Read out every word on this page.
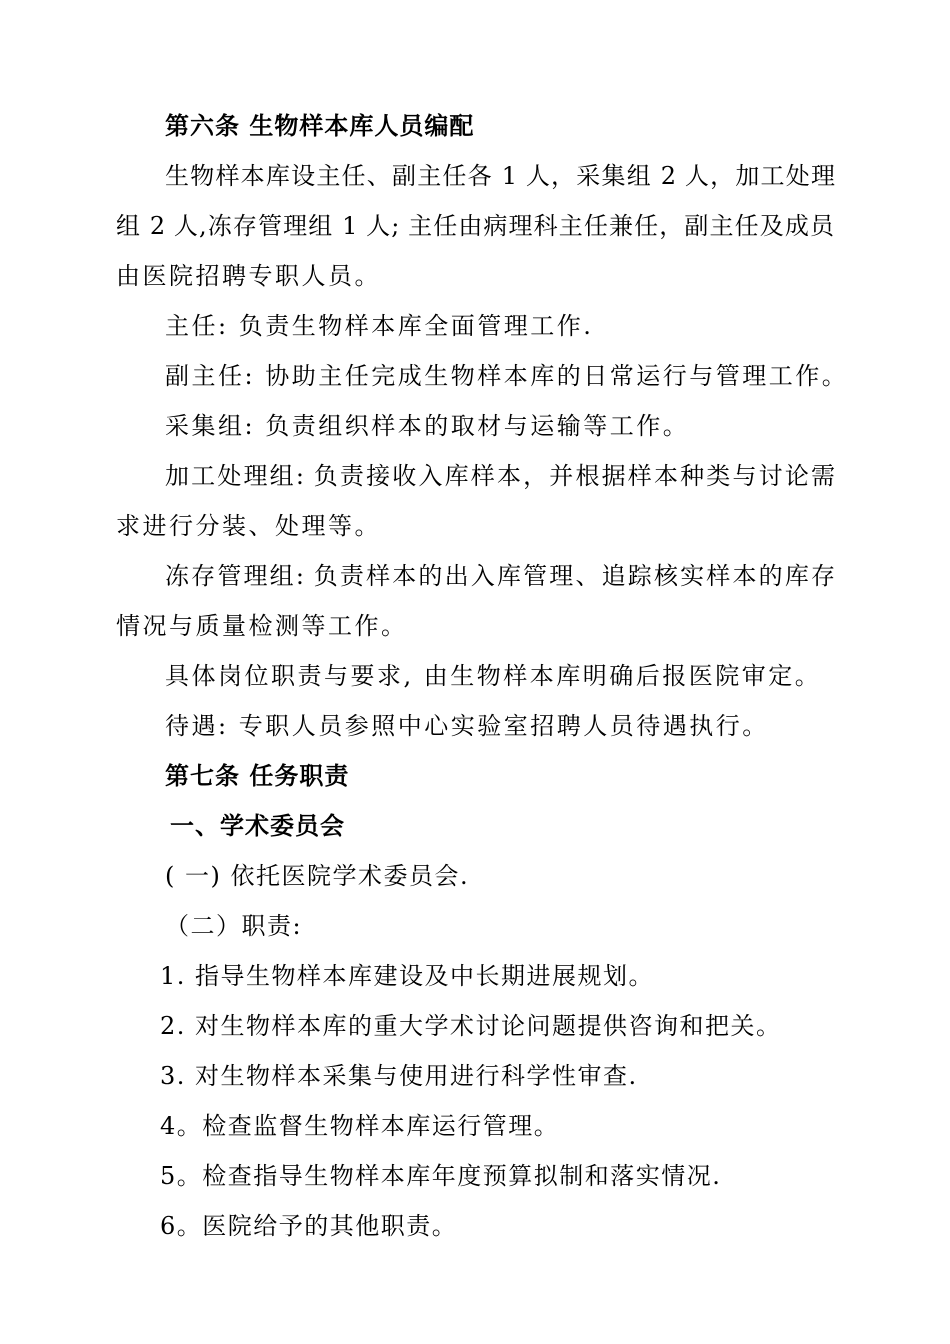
第六条 生物样本库人员编配
生物样本库设主任、副主任各 1 人，采集组 2 人，加工处理
组 2 人,冻存管理组 1 人; 主任由病理科主任兼任，副主任及成员
由医院招聘专职人员。
主任: 负责生物样本库全面管理工作.
副主任: 协助主任完成生物样本库的日常运行与管理工作。
采集组: 负责组织样本的取材与运输等工作。
加工处理组: 负责接收入库样本，并根据样本种类与讨论需
求进行分装、处理等。
冻存管理组: 负责样本的出入库管理、追踪核实样本的库存
情况与质量检测等工作。
具体岗位职责与要求, 由生物样本库明确后报医院审定。
待遇: 专职人员参照中心实验室招聘人员待遇执行。
第七条 任务职责
一、学术委员会
( 一) 依托医院学术委员会.
（二）职责:
1. 指导生物样本库建设及中长期进展规划。
2. 对生物样本库的重大学术讨论问题提供咨询和把关。
3. 对生物样本采集与使用进行科学性审查.
4。检查监督生物样本库运行管理。
5。检查指导生物样本库年度预算拟制和落实情况.
6。医院给予的其他职责。
